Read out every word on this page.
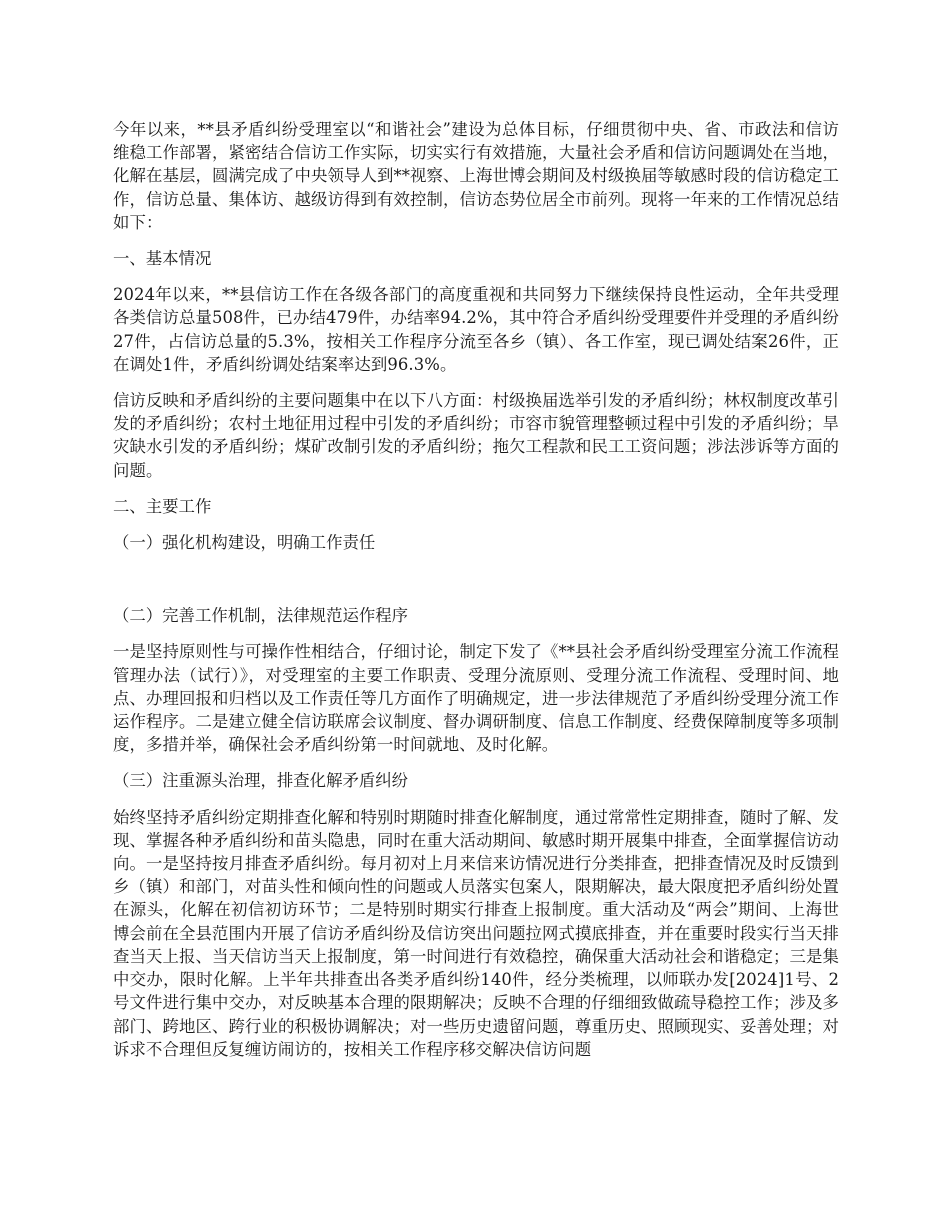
今年以来，**县矛盾纠纷受理室以“和谐社会”建设为总体目标，仔细贯彻中央、省、市政法和信访维稳工作部署，紧密结合信访工作实际，切实实行有效措施，大量社会矛盾和信访问题调处在当地，化解在基层，圆满完成了中央领导人到**视察、上海世博会期间及村级换届等敏感时段的信访稳定工作，信访总量、集体访、越级访得到有效控制，信访态势位居全市前列。现将一年来的工作情况总结如下：

一、基本情况

2024年以来，**县信访工作在各级各部门的高度重视和共同努力下继续保持良性运动，全年共受理各类信访总量508件，已办结479件，办结率94.2%，其中符合矛盾纠纷受理要件并受理的矛盾纠纷27件，占信访总量的5.3%，按相关工作程序分流至各乡（镇）、各工作室，现已调处结案26件，正在调处1件，矛盾纠纷调处结案率达到96.3%。

信访反映和矛盾纠纷的主要问题集中在以下八方面：村级换届选举引发的矛盾纠纷；林权制度改革引发的矛盾纠纷；农村土地征用过程中引发的矛盾纠纷；市容市貌管理整顿过程中引发的矛盾纠纷；旱灾缺水引发的矛盾纠纷；煤矿改制引发的矛盾纠纷；拖欠工程款和民工工资问题；涉法涉诉等方面的问题。

二、主要工作

（一）强化机构建设，明确工作责任

（二）完善工作机制，法律规范运作程序

一是坚持原则性与可操作性相结合，仔细讨论，制定下发了《**县社会矛盾纠纷受理室分流工作流程管理办法（试行）》，对受理室的主要工作职责、受理分流原则、受理分流工作流程、受理时间、地点、办理回报和归档以及工作责任等几方面作了明确规定，进一步法律规范了矛盾纠纷受理分流工作运作程序。二是建立健全信访联席会议制度、督办调研制度、信息工作制度、经费保障制度等多项制度，多措并举，确保社会矛盾纠纷第一时间就地、及时化解。

（三）注重源头治理，排查化解矛盾纠纷

始终坚持矛盾纠纷定期排查化解和特别时期随时排查化解制度，通过常常性定期排查，随时了解、发现、掌握各种矛盾纠纷和苗头隐患，同时在重大活动期间、敏感时期开展集中排查，全面掌握信访动向。一是坚持按月排查矛盾纠纷。每月初对上月来信来访情况进行分类排查，把排查情况及时反馈到乡（镇）和部门，对苗头性和倾向性的问题或人员落实包案人，限期解决，最大限度把矛盾纠纷处置在源头，化解在初信初访环节；二是特别时期实行排查上报制度。重大活动及“两会”期间、上海世博会前在全县范围内开展了信访矛盾纠纷及信访突出问题拉网式摸底排查，并在重要时段实行当天排查当天上报、当天信访当天上报制度，第一时间进行有效稳控，确保重大活动社会和谐稳定；三是集中交办，限时化解。上半年共排查出各类矛盾纠纷140件，经分类梳理，以师联办发[2024]1号、2号文件进行集中交办，对反映基本合理的限期解决；反映不合理的仔细细致做疏导稳控工作；涉及多部门、跨地区、跨行业的积极协调解决；对一些历史遗留问题，尊重历史、照顾现实、妥善处理；对诉求不合理但反复缠访闹访的，按相关工作程序移交解决信访问题
